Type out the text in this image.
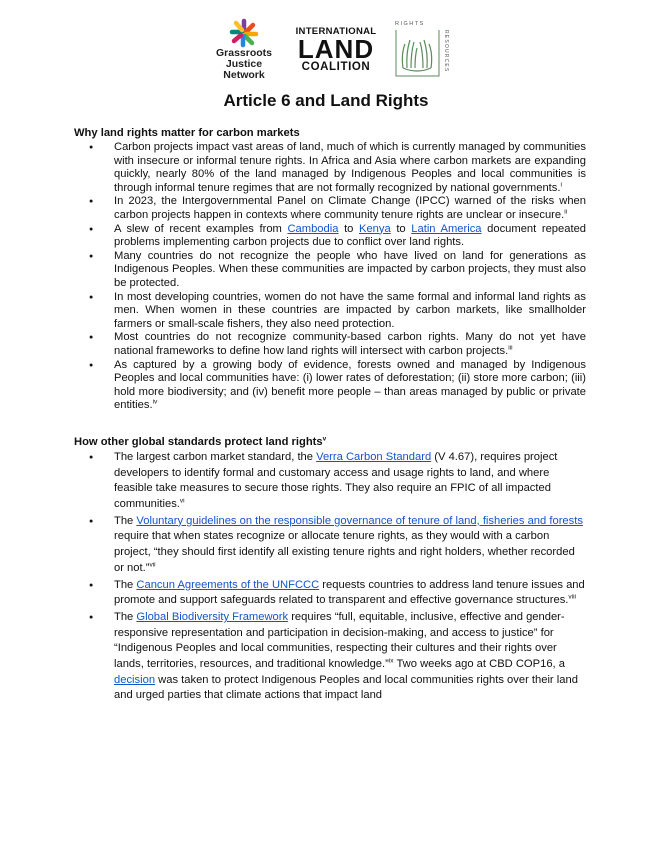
Grassroots
Justice Network
INTERNATIONAL
LAND
COALITION
RIGHTS
RESOURCES
Article 6 and Land Rights
Why land rights matter for carbon markets
● Carbon projects impact vast areas of land, much of which is currently managed by communities with insecure or informal tenure rights. In Africa and Asia where carbon markets are expanding quickly, nearly 80% of the land managed by Indigenous Peoples and local communities is through informal tenure regimes that are not formally recognized by national governments.$^i$
● In 2023, the Intergovernmental Panel on Climate Change (IPCC) warned of the risks when carbon projects happen in contexts where community tenure rights are unclear or insecure.$^{ii}$
● A slew of recent examples from Cambodia to Kenya to Latin America document repeated problems implementing carbon projects due to conflict over land rights.
● Many countries do not recognize the people who have lived on land for generations as Indigenous Peoples. When these communities are impacted by carbon projects, they must also be protected.
● In most developing countries, women do not have the same formal and informal land rights as men. When women in these countries are impacted by carbon markets, like smallholder farmers or small-scale fishers, they also need protection.
● Most countries do not recognize community-based carbon rights. Many do not yet have national frameworks to define how land rights will intersect with carbon projects.$^{iii}$
● As captured by a growing body of evidence, forests owned and managed by Indigenous Peoples and local communities have: (i) lower rates of deforestation; (ii) store more carbon; (iii) hold more biodiversity; and (iv) benefit more people – than areas managed by public or private entities.$^{iv}$
How other global standards protect land rights$^v$
● The largest carbon market standard, the Verra Carbon Standard (V 4.67), requires project developers to identify formal and customary access and usage rights to land, and where feasible take measures to secure those rights. They also require an FPIC of all impacted communities.$^{vi}$
● The Voluntary guidelines on the responsible governance of tenure of land, fisheries and forests require that when states recognize or allocate tenure rights, as they would with a carbon project, “they should first identify all existing tenure rights and right holders, whether recorded or not.”$^{vii}$
● The Cancun Agreements of the UNFCCC requests countries to address land tenure issues and promote and support safeguards related to transparent and effective governance structures.$^{viii}$
● The Global Biodiversity Framework requires “full, equitable, inclusive, effective and gender-responsive representation and participation in decision-making, and access to justice” for “Indigenous Peoples and local communities, respecting their cultures and their rights over lands, territories, resources, and traditional knowledge.”$^{ix}$ Two weeks ago at CBD COP16, a decision was taken to protect Indigenous Peoples and local communities rights over their land and urged parties that climate actions that impact land
